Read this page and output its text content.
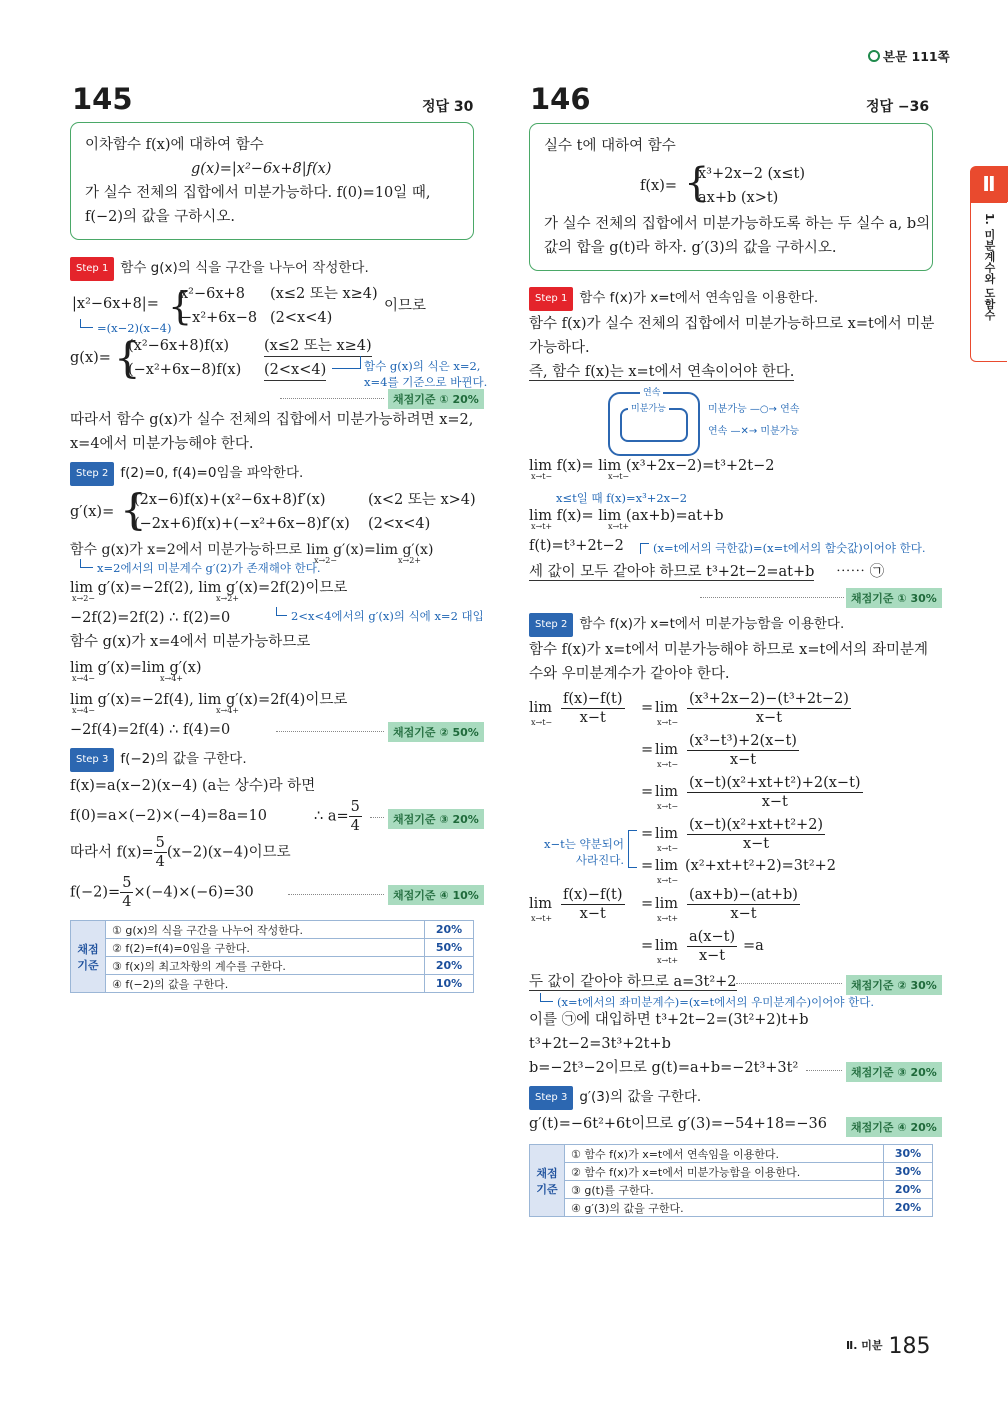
본문 111쪽
Ⅱ
1. 미분계수와 도함수
145	정답 30
이차함수 f(x)에 대하여 함수
g(x)=|x²−6x+8|f(x)
가 실수 전체의 집합에서 미분가능하다. f(0)=10일 때,
f(−2)의 값을 구하시오.
Step 1 함수 g(x)의 식을 구간을 나누어 작성한다.
|x²−6x+8|= {
x²−6x+8 (x≤2 또는 x≥4)
−x²+6x−8 (2<x<4)
이므로
=(x−2)(x−4)
g(x)= {
(x²−6x+8)f(x) (x≤2 또는 x≥4)
(−x²+6x−8)f(x) (2<x<4)	함수 g(x)의 식은 x=2,
x=4를 기준으로 바뀐다.
채점기준 ① 20%
따라서 함수 g(x)가 실수 전체의 집합에서 미분가능하려면 x=2,
x=4에서 미분가능해야 한다.
Step 2 f(2)=0, f(4)=0임을 파악한다.
g′(x)= {
(2x−6)f(x)+(x²−6x+8)f′(x)	(x<2 또는 x>4)
(−2x+6)f(x)+(−x²+6x−8)f′(x) (2<x<4)
함수 g(x)가 x=2에서 미분가능하므로 lim g′(x)=lim g′(x)
x→2−	x→2+
x=2에서의 미분계수 g′(2)가 존재해야 한다.
lim g′(x)=−2f(2), lim g′(x)=2f(2)이므로
x→2−	x→2+
−2f(2)=2f(2) ∴ f(2)=0	2<x<4에서의 g′(x)의 식에 x=2 대입
함수 g(x)가 x=4에서 미분가능하므로
lim g′(x)=lim g′(x)
x→4−	x→4+
lim g′(x)=−2f(4), lim g′(x)=2f(4)이므로
x→4−	x→4+
−2f(4)=2f(4) ∴ f(4)=0	채점기준 ② 50%
Step 3 f(−2)의 값을 구한다.
f(x)=a(x−2)(x−4) (a는 상수)라 하면
f(0)=a×(−2)×(−4)=8a=10	∴ $a= \frac{5}{4}$	채점기준 ③ 20%
따라서 $f(x)= \frac{5}{4} (x-2)(x-4)$이므로
$f(-2)= \frac{5}{4} \times(-4)\times(-6)=30$	채점기준 ④ 10%
채점 기준	① g(x)의 식을 구간을 나누어 작성한다.	20%
	② f(2)=f(4)=0임을 구한다.	50%
	③ f(x)의 최고차항의 계수를 구한다.	20%
	④ f(−2)의 값을 구한다.	10%
146	정답 −36
실수 t에 대하여 함수
f(x)= {
x³+2x−2 (x≤t)
ax+b (x>t)
가 실수 전체의 집합에서 미분가능하도록 하는 두 실수 a, b의
값의 합을 g(t)라 하자. g′(3)의 값을 구하시오.
Step 1 함수 f(x)가 x=t에서 연속임을 이용한다.
함수 f(x)가 실수 전체의 집합에서 미분가능하므로 x=t에서 미분
가능하다.
즉, 함수 f(x)는 x=t에서 연속이어야 한다.
연속
미분가능	미분가능 —○→ 연속
연속 —✕→ 미분가능
lim f(x)= lim (x³+2x−2)=t³+2t−2
x→t−	x→t−
x≤t일 때 f(x)=x³+2x−2
lim f(x)= lim (ax+b)=at+b
x→t+	x→t+
f(t)=t³+2t−2	(x=t에서의 극한값)=(x=t에서의 함숫값)이어야 한다.
세 값이 모두 같아야 하므로 t³+2t−2=at+b ⋯⋯ ㉠
채점기준 ① 30%
Step 2 함수 f(x)가 x=t에서 미분가능함을 이용한다.
함수 f(x)가 x=t에서 미분가능해야 하므로 x=t에서의 좌미분계
수와 우미분계수가 같아야 한다.
lim
$x\to t- \frac{f(x)-f(t)}{x-t} = \lim$
$x\to t- \frac{\text{(x³+2x−2)−(t³+2t−2)}}{x-t}$
= lim
$x\to t- \frac{\text{(x³−t³)+2(x−t)}}{x-t}$
= lim
$x\to t- \frac{\text{(x−t)(x²+xt+t²)+2(x−t)}}{x-t}$
= lim
$x\to t- \frac{\text{(x−t)(x²+xt+t²+2)}}{x-t}$
x−t는 약분되어
사라진다. = lim
x→t−
(x²+xt+t²+2)=3t²+2
lim
$x\to t+ \frac{f(x)-f(t)}{x-t} = \lim$
$x\to t+ \frac{(ax+b)-(at+b)}{x-t}$
= lim
$x\to t+ \frac{a(x-t)}{x-t} =a$
두 값이 같아야 하므로 a=3t²+2	채점기준 ② 30%
(x=t에서의 좌미분계수)=(x=t에서의 우미분계수)이어야 한다.
이를 ㉠에 대입하면 t³+2t−2=(3t²+2)t+b
t³+2t−2=3t³+2t+b
b=−2t³−2이므로 g(t)=a+b=−2t³+3t²	채점기준 ③ 20%
Step 3 g′(3)의 값을 구한다.
g′(t)=−6t²+6t이므로 g′(3)=−54+18=−36	채점기준 ④ 20%
채점 기준	① 함수 f(x)가 x=t에서 연속임을 이용한다.	30%
	② 함수 f(x)가 x=t에서 미분가능함을 이용한다.	30%
	③ g(t)를 구한다.	20%
	④ g′(3)의 값을 구한다.	20%
$^{Ⅱ. 미분}$ 185
